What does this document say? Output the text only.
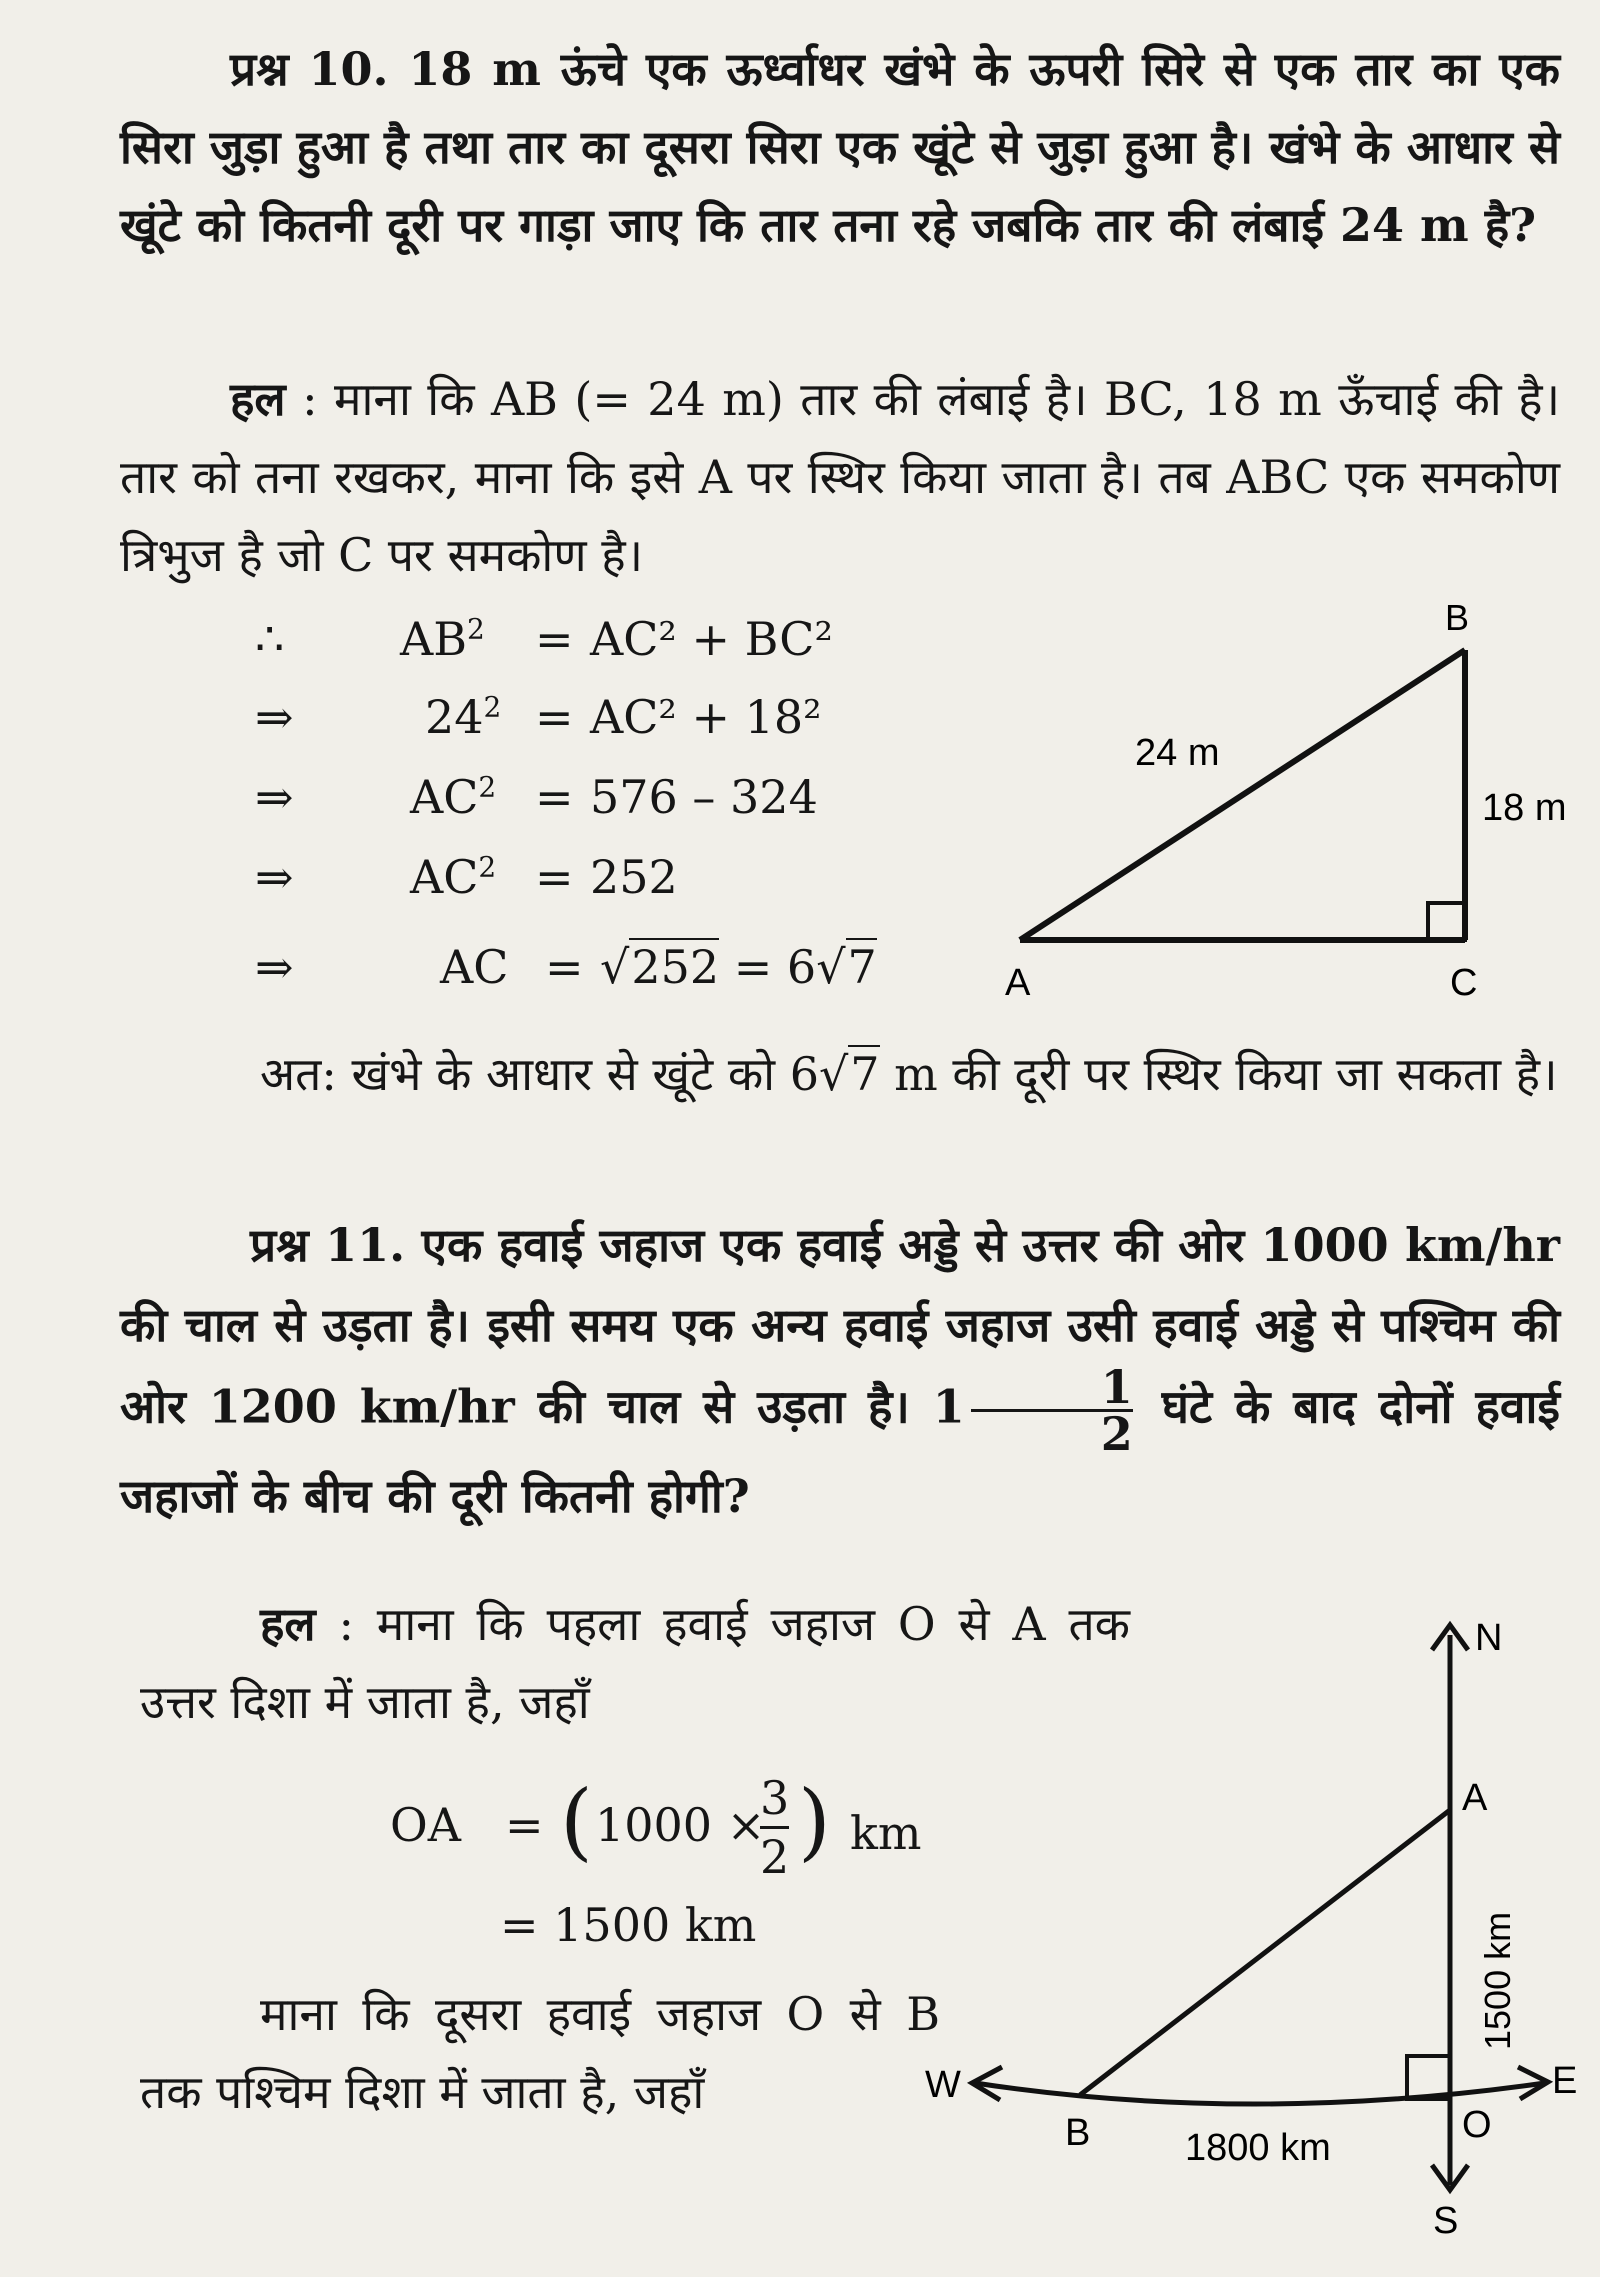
प्रश्न 10. 18 m ऊंचे एक ऊर्ध्वाधर खंभे के ऊपरी सिरे से एक तार का एक सिरा जुड़ा हुआ है तथा तार का दूसरा सिरा एक खूंटे से जुड़ा हुआ है। खंभे के आधार से खूंटे को कितनी दूरी पर गाड़ा जाए कि तार तना रहे जबकि तार की लंबाई 24 m है?

हल : माना कि AB (= 24 m) तार की लंबाई है। BC, 18 m ऊँचाई की है। तार को तना रखकर, माना कि इसे A पर स्थिर किया जाता है। तब ABC एक समकोण त्रिभुज है जो C पर समकोण है।

∴	$AB^2 = AC^2 + BC^2$
⇒	$24^2 = AC^2 + 18^2$
⇒	$AC^2 = 576 - 324$
⇒	$AC^2 = 252$
⇒	AC = √252 = 6√7
B
A	C
24 m
18 m

अत: खंभे के आधार से खूंटे को 6√7 m की दूरी पर स्थिर किया जा सकता है।

प्रश्न 11. एक हवाई जहाज एक हवाई अड्डे से उत्तर की ओर 1000 km/hr की चाल से उड़ता है। इसी समय एक अन्य हवाई जहाज उसी हवाई अड्डे से पश्चिम की ओर 1200 km/hr की चाल से उड़ता है। $1 \frac{1}{2}$ घंटे के बाद दोनों हवाई जहाजों के बीच की दूरी कितनी होगी?

हल : माना कि पहला हवाई जहाज O से A तक उत्तर दिशा में जाता है, जहाँ

OA = ( 1000 ×
3
2 ) km
= 1500 km

माना कि दूसरा हवाई जहाज O से B तक पश्चिम दिशा में जाता है, जहाँ

N
S
W	E
A
B	O
1500 km
1800 km
